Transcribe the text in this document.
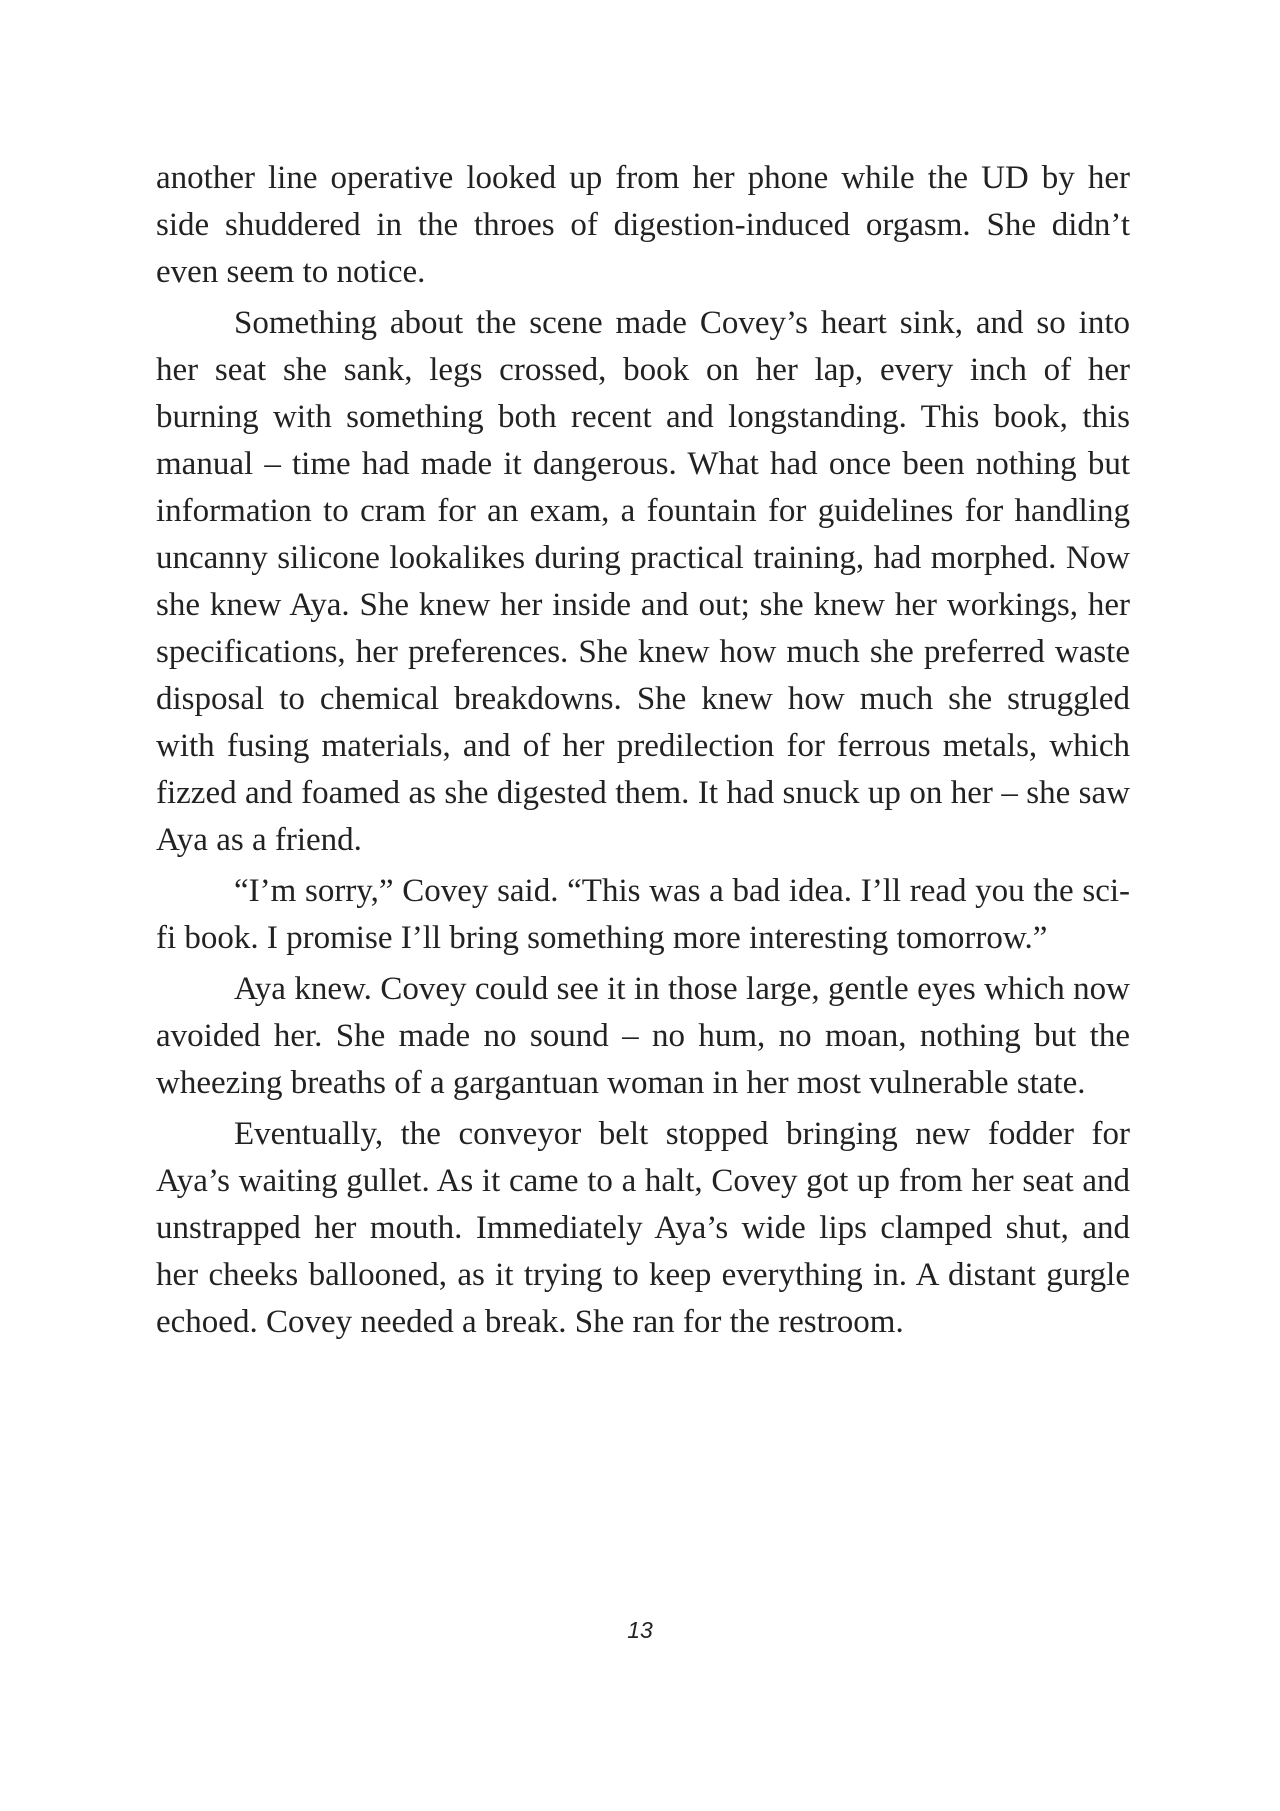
another line operative looked up from her phone while the UD by her side shuddered in the throes of digestion-induced orgasm. She didn’t even seem to notice.

Something about the scene made Covey’s heart sink, and so into her seat she sank, legs crossed, book on her lap, every inch of her burning with something both recent and longstanding. This book, this manual – time had made it dangerous. What had once been nothing but information to cram for an exam, a fountain for guidelines for handling uncanny silicone lookalikes during practical training, had morphed. Now she knew Aya. She knew her inside and out; she knew her workings, her specifications, her preferences. She knew how much she preferred waste disposal to chemical breakdowns. She knew how much she struggled with fusing materials, and of her predilection for ferrous metals, which fizzed and foamed as she digested them. It had snuck up on her – she saw Aya as a friend.

“I’m sorry,” Covey said. “This was a bad idea. I’ll read you the sci-fi book. I promise I’ll bring something more interesting tomorrow.”

Aya knew. Covey could see it in those large, gentle eyes which now avoided her. She made no sound – no hum, no moan, nothing but the wheezing breaths of a gargantuan woman in her most vulnerable state.

Eventually, the conveyor belt stopped bringing new fodder for Aya’s waiting gullet. As it came to a halt, Covey got up from her seat and unstrapped her mouth. Immediately Aya’s wide lips clamped shut, and her cheeks ballooned, as it trying to keep everything in. A distant gurgle echoed. Covey needed a break. She ran for the restroom.

13
